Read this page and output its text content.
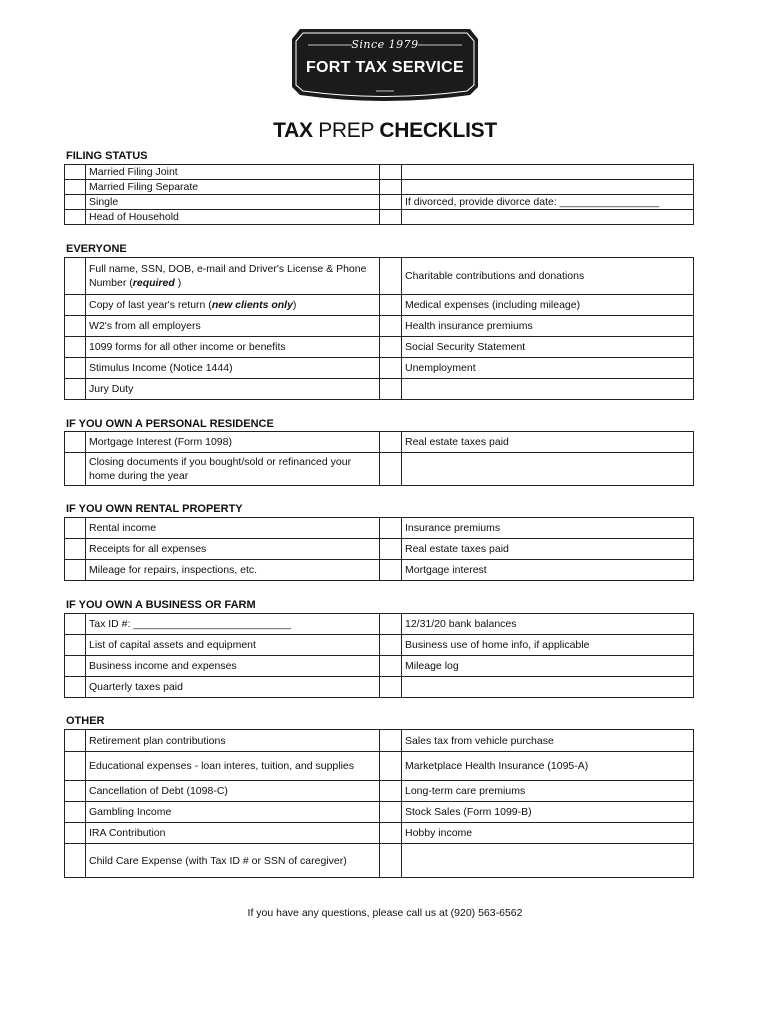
Since 1979
FORT TAX SERVICE
TAX PREP CHECKLIST
FILING STATUS
	Married Filing Joint		
	Married Filing Separate		
	Single		If divorced, provide divorce date: _________________
	Head of Household		
EVERYONE
	Full name, SSN, DOB, e-mail and Driver's License & Phone Number (required )		Charitable contributions and donations
	Copy of last year's return (new clients only)		Medical expenses (including mileage)
	W2's from all employers		Health insurance premiums
	1099 forms for all other income or benefits		Social Security Statement
	Stimulus Income (Notice 1444)		Unemployment
	Jury Duty		
IF YOU OWN A PERSONAL RESIDENCE
	Mortgage Interest (Form 1098)		Real estate taxes paid
	Closing documents if you bought/sold or refinanced your home during the year		
IF YOU OWN RENTAL PROPERTY
	Rental income		Insurance premiums
	Receipts for all expenses		Real estate taxes paid
	Mileage for repairs, inspections, etc.		Mortgage interest
IF YOU OWN A BUSINESS OR FARM
	Tax ID #: ___________________________		12/31/20 bank balances
	List of capital assets and equipment		Business use of home info, if applicable
	Business income and expenses		Mileage log
	Quarterly taxes paid		
OTHER
	Retirement plan contributions		Sales tax from vehicle purchase
	Educational expenses - loan interes, tuition, and supplies		Marketplace Health Insurance (1095-A)
	Cancellation of Debt (1098-C)		Long-term care premiums
	Gambling Income		Stock Sales (Form 1099-B)
	IRA Contribution		Hobby income
	Child Care Expense (with Tax ID # or SSN of caregiver)		
If you have any questions, please call us at (920) 563-6562
